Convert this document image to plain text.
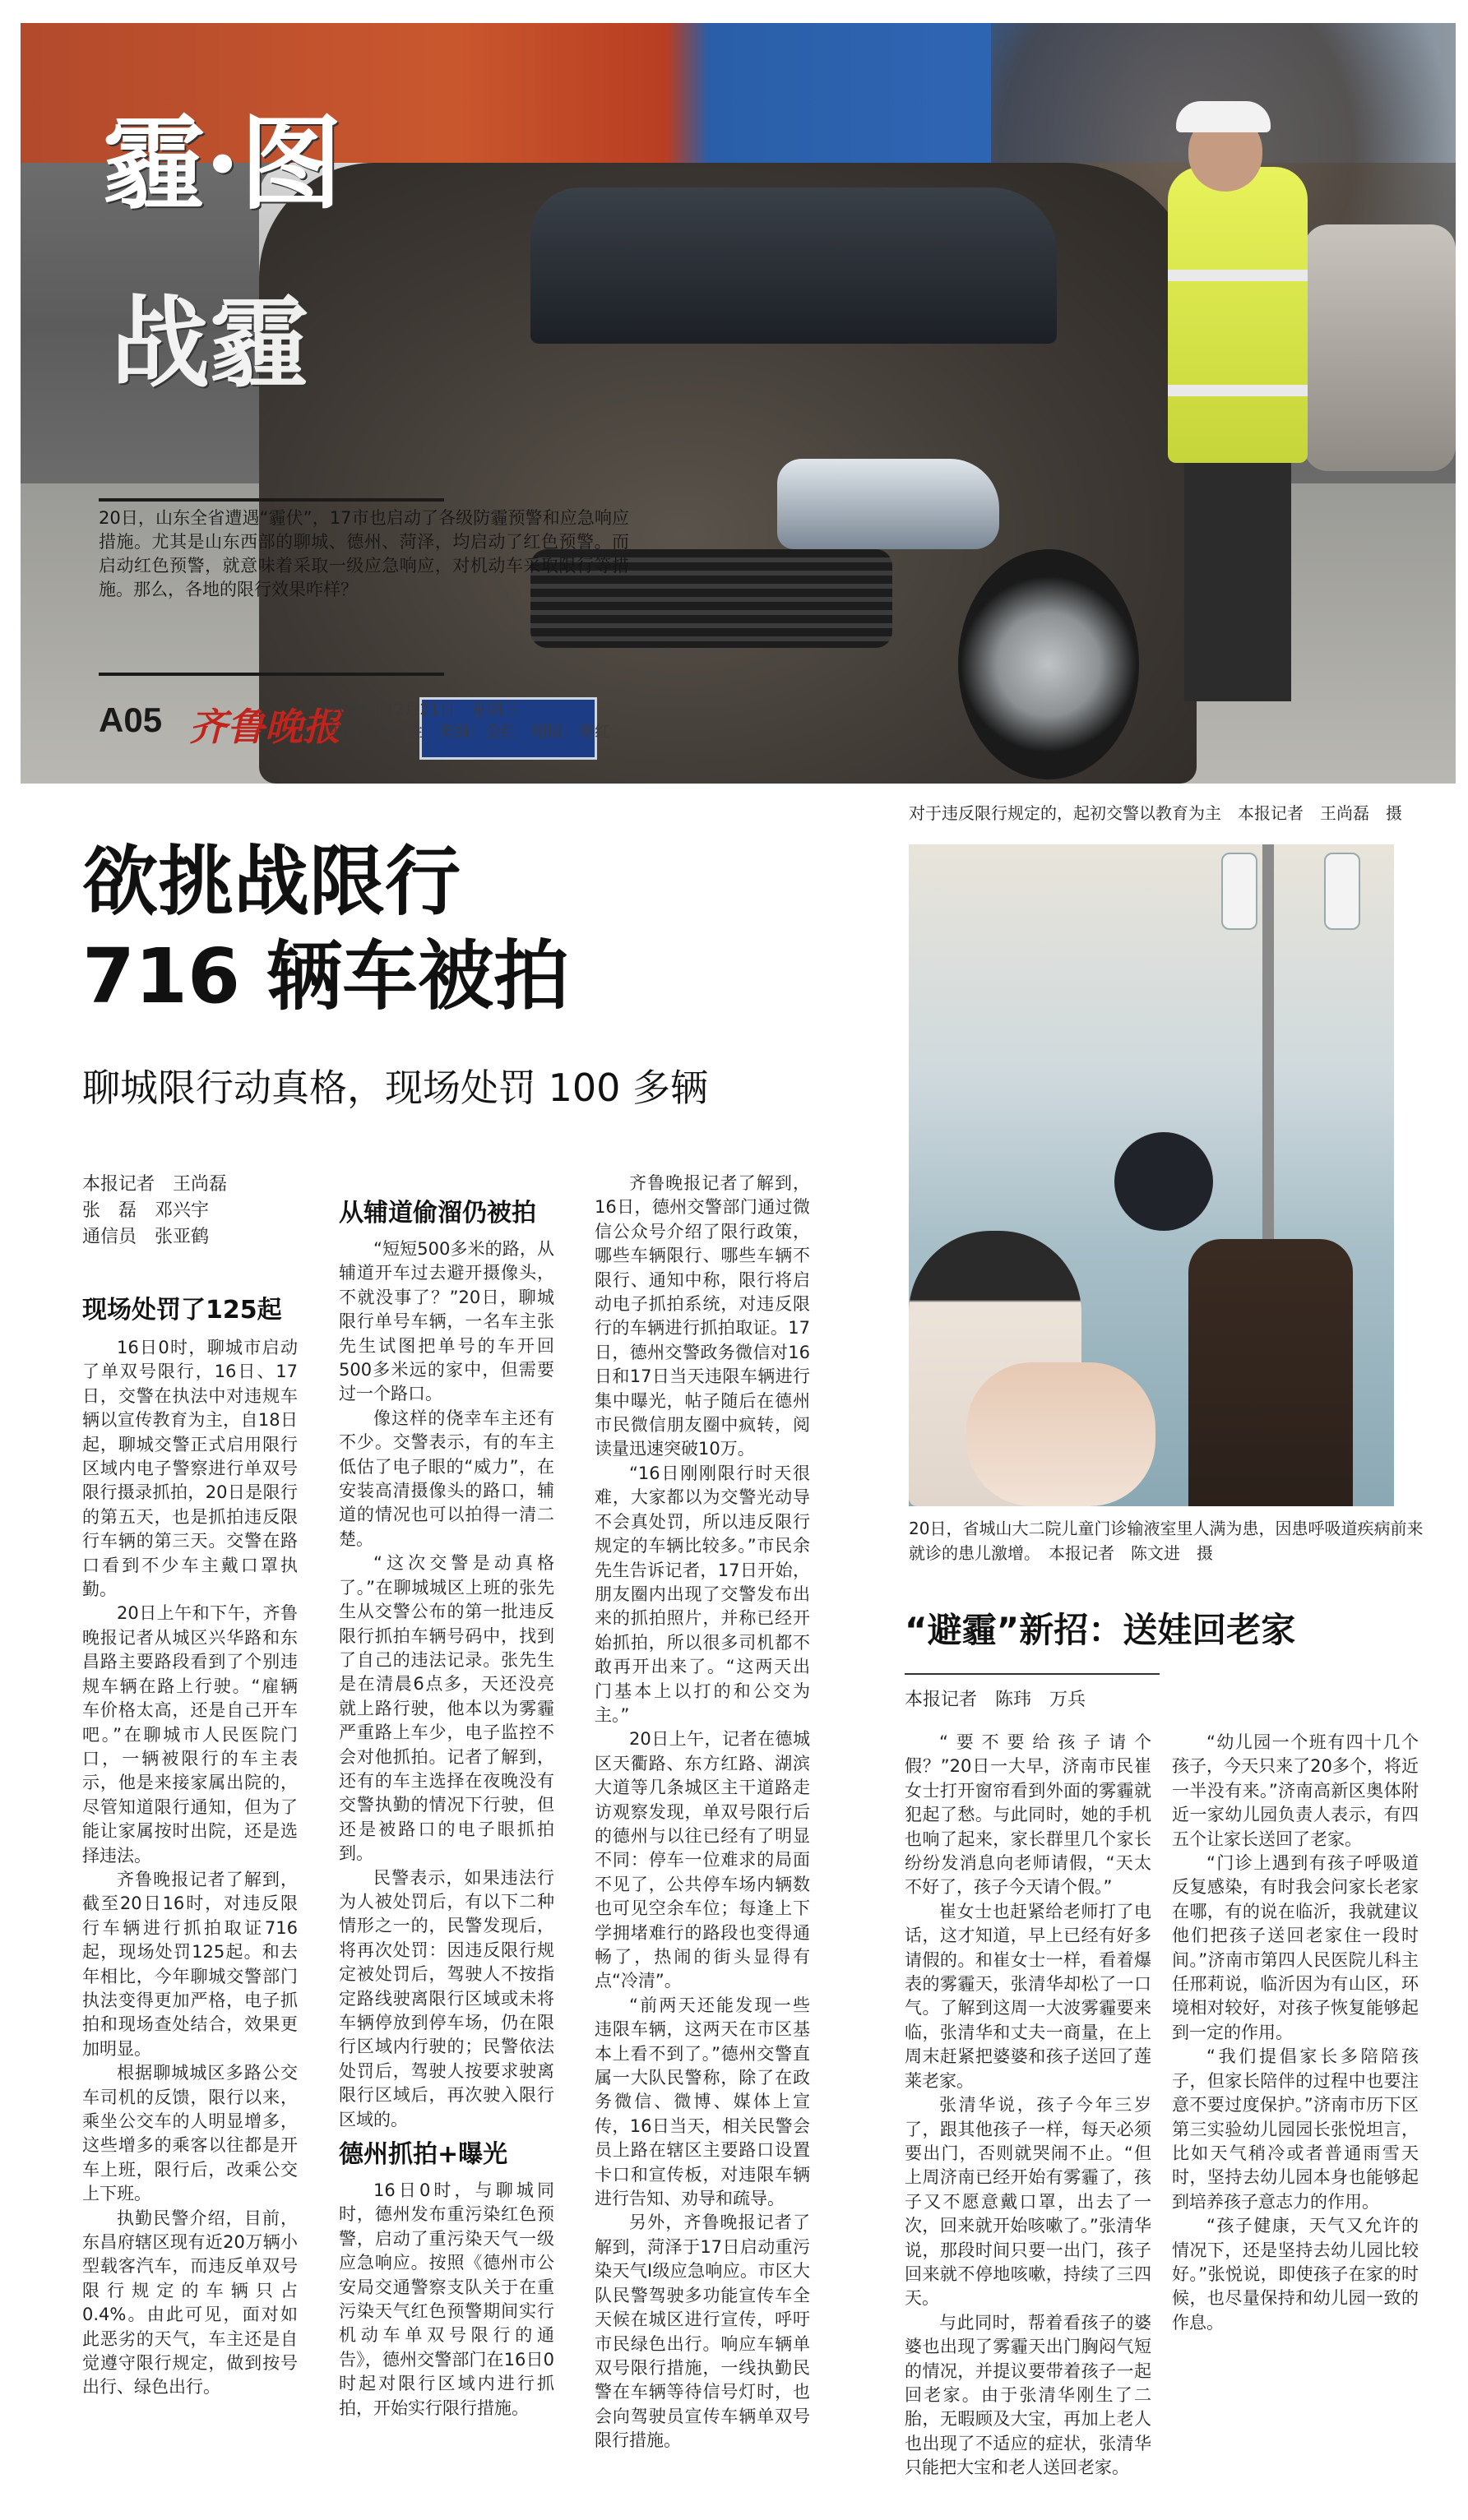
霾·图
战霾
20日，山东全省遭遇“霾伏”，17市也启动了各级防霾预警和应急响应措施。尤其是山东西部的聊城、德州、菏泽，均启动了红色预警。而启动红色预警，就意味着采取一级应急响应，对机动车采取限行等措施。那么，各地的限行效果咋样？
A05 齐鲁晚报
2016年12月21日　星期三
编辑：李师胜　美编：金红　组版：继红
对于违反限行规定的，起初交警以教育为主　本报记者　王尚磊　摄
20日，省城山大二院儿童门诊输液室里人满为患，因患呼吸道疾病前来就诊的患儿激增。　本报记者　陈文进　摄
欲挑战限行
716 辆车被拍
聊城限行动真格，现场处罚 100 多辆
本报记者　王尚磊
张　磊　邓兴宇
通信员　张亚鹤
现场处罚了125起

16日0时，聊城市启动了单双号限行，16日、17日，交警在执法中对违规车辆以宣传教育为主，自18日起，聊城交警正式启用限行区域内电子警察进行单双号限行摄录抓拍，20日是限行的第五天，也是抓拍违反限行车辆的第三天。交警在路口看到不少车主戴口罩执勤。

20日上午和下午，齐鲁晚报记者从城区兴华路和东昌路主要路段看到了个别违规车辆在路上行驶。“雇辆车价格太高，还是自己开车吧。”在聊城市人民医院门口，一辆被限行的车主表示，他是来接家属出院的，尽管知道限行通知，但为了能让家属按时出院，还是选择违法。

齐鲁晚报记者了解到，截至20日16时，对违反限行车辆进行抓拍取证716起，现场处罚125起。和去年相比，今年聊城交警部门执法变得更加严格，电子抓拍和现场查处结合，效果更加明显。

根据聊城城区多路公交车司机的反馈，限行以来，乘坐公交车的人明显增多，这些增多的乘客以往都是开车上班，限行后，改乘公交上下班。

执勤民警介绍，目前，东昌府辖区现有近20万辆小型载客汽车，而违反单双号限行规定的车辆只占0.4%。由此可见，面对如此恶劣的天气，车主还是自觉遵守限行规定，做到按号出行、绿色出行。

从辅道偷溜仍被拍

“短短500多米的路，从辅道开车过去避开摄像头，不就没事了？”20日，聊城限行单号车辆，一名车主张先生试图把单号的车开回500多米远的家中，但需要过一个路口。

像这样的侥幸车主还有不少。交警表示，有的车主低估了电子眼的“威力”，在安装高清摄像头的路口，辅道的情况也可以拍得一清二楚。

“这次交警是动真格了。”在聊城城区上班的张先生从交警公布的第一批违反限行抓拍车辆号码中，找到了自己的违法记录。张先生是在清晨6点多，天还没亮就上路行驶，他本以为雾霾严重路上车少，电子监控不会对他抓拍。记者了解到，还有的车主选择在夜晚没有交警执勤的情况下行驶，但还是被路口的电子眼抓拍到。

民警表示，如果违法行为人被处罚后，有以下二种情形之一的，民警发现后，将再次处罚：因违反限行规定被处罚后，驾驶人不按指定路线驶离限行区域或未将车辆停放到停车场，仍在限行区域内行驶的；民警依法处罚后，驾驶人按要求驶离限行区域后，再次驶入限行区域的。

德州抓拍+曝光

16日0时，与聊城同时，德州发布重污染红色预警，启动了重污染天气一级应急响应。按照《德州市公安局交通警察支队关于在重污染天气红色预警期间实行机动车单双号限行的通告》，德州交警部门在16日0时起对限行区域内进行抓拍，开始实行限行措施。

齐鲁晚报记者了解到，16日，德州交警部门通过微信公众号介绍了限行政策，哪些车辆限行、哪些车辆不限行、通知中称，限行将启动电子抓拍系统，对违反限行的车辆进行抓拍取证。17日，德州交警政务微信对16日和17日当天违限车辆进行集中曝光，帖子随后在德州市民微信朋友圈中疯转，阅读量迅速突破10万。

“16日刚刚限行时天很难，大家都以为交警光动导不会真处罚，所以违反限行规定的车辆比较多。”市民余先生告诉记者，17日开始，朋友圈内出现了交警发布出来的抓拍照片，并称已经开始抓拍，所以很多司机都不敢再开出来了。“这两天出门基本上以打的和公交为主。”

20日上午，记者在德城区天衢路、东方红路、湖滨大道等几条城区主干道路走访观察发现，单双号限行后的德州与以往已经有了明显不同：停车一位难求的局面不见了，公共停车场内辆数也可见空余车位；每逢上下学拥堵难行的路段也变得通畅了，热闹的街头显得有点“冷清”。

“前两天还能发现一些违限车辆，这两天在市区基本上看不到了。”德州交警直属一大队民警称，除了在政务微信、微博、媒体上宣传，16日当天，相关民警会员上路在辖区主要路口设置卡口和宣传板，对违限车辆进行告知、劝导和疏导。

另外，齐鲁晚报记者了解到，菏泽于17日启动重污染天气I级应急响应。市区大队民警驾驶多功能宣传车全天候在城区进行宣传，呼吁市民绿色出行。响应车辆单双号限行措施，一线执勤民警在车辆等待信号灯时，也会向驾驶员宣传车辆单双号限行措施。

“避霾”新招：送娃回老家
本报记者　陈玮　万兵

“要不要给孩子请个假？”20日一大早，济南市民崔女士打开窗帘看到外面的雾霾就犯起了愁。与此同时，她的手机也响了起来，家长群里几个家长纷纷发消息向老师请假，“天太不好了，孩子今天请个假。”

崔女士也赶紧给老师打了电话，这才知道，早上已经有好多请假的。和崔女士一样，看着爆表的雾霾天，张清华却松了一口气。了解到这周一大波雾霾要来临，张清华和丈夫一商量，在上周末赶紧把婆婆和孩子送回了莲莱老家。

张清华说，孩子今年三岁了，跟其他孩子一样，每天必须要出门，否则就哭闹不止。“但上周济南已经开始有雾霾了，孩子又不愿意戴口罩，出去了一次，回来就开始咳嗽了。”张清华说，那段时间只要一出门，孩子回来就不停地咳嗽，持续了三四天。

与此同时，帮着看孩子的婆婆也出现了雾霾天出门胸闷气短的情况，并提议要带着孩子一起回老家。由于张清华刚生了二胎，无暇顾及大宝，再加上老人也出现了不适应的症状，张清华只能把大宝和老人送回老家。

“幼儿园一个班有四十几个孩子，今天只来了20多个，将近一半没有来。”济南高新区奥体附近一家幼儿园负责人表示，有四五个让家长送回了老家。

“门诊上遇到有孩子呼吸道反复感染，有时我会问家长老家在哪，有的说在临沂，我就建议他们把孩子送回老家住一段时间。”济南市第四人民医院儿科主任邢莉说，临沂因为有山区，环境相对较好，对孩子恢复能够起到一定的作用。

“我们提倡家长多陪陪孩子，但家长陪伴的过程中也要注意不要过度保护。”济南市历下区第三实验幼儿园园长张悦坦言，比如天气稍冷或者普通雨雪天时，坚持去幼儿园本身也能够起到培养孩子意志力的作用。

“孩子健康，天气又允许的情况下，还是坚持去幼儿园比较好。”张悦说，即使孩子在家的时候，也尽量保持和幼儿园一致的作息。
